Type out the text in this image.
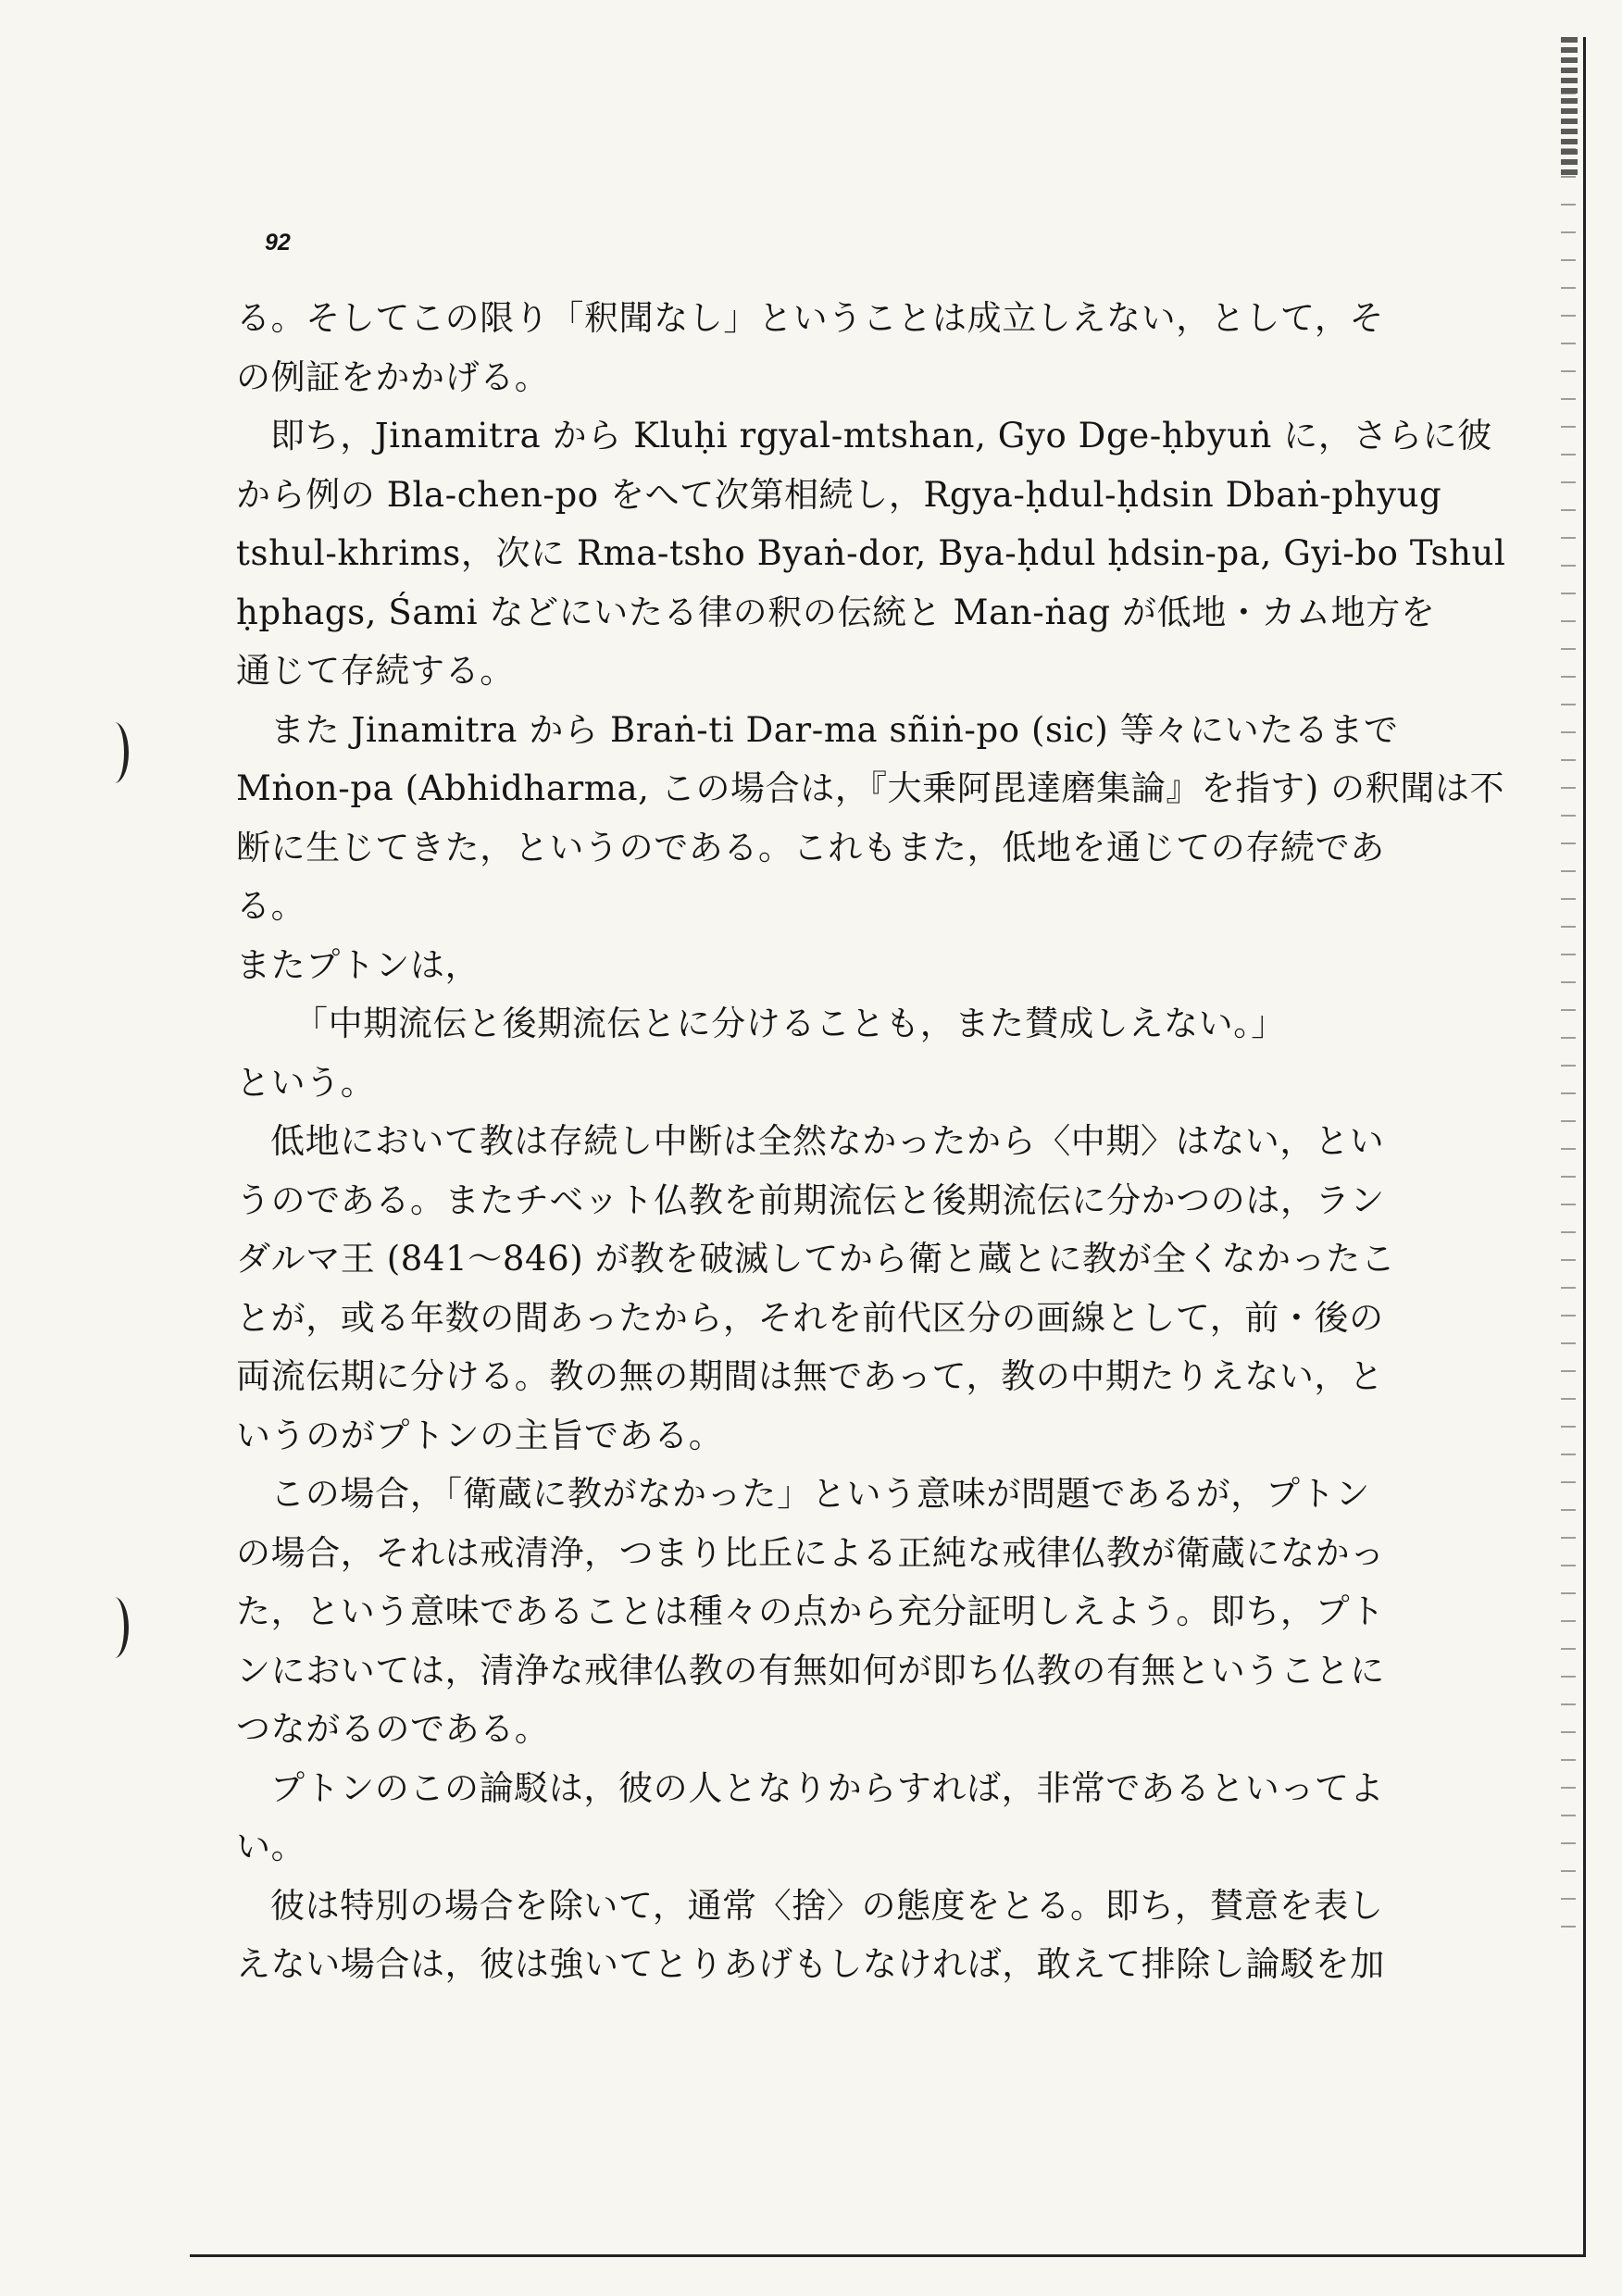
92

る。そしてこの限り「釈聞なし」ということは成立しえない，として，そ

の例証をかかげる。

即ち，Jinamitra から Kluḥi rgyal-mtshan, Gyo Dge-ḥbyuṅ に，さらに彼

から例の Bla-chen-po をへて次第相続し，Rgya-ḥdul-ḥdsin Dbaṅ-phyug

tshul-khrims，次に Rma-tsho Byaṅ-dor, Bya-ḥdul ḥdsin-pa, Gyi-bo Tshul

ḥphags, Śami などにいたる律の釈の伝統と Man-ṅag が低地・カム地方を

通じて存続する。

また Jinamitra から Braṅ-ti Dar-ma sñiṅ-po (sic) 等々にいたるまで

Mṅon-pa (Abhidharma, この場合は，『大乗阿毘達磨集論』を指す) の釈聞は不

断に生じてきた，というのである。これもまた，低地を通じての存続であ

る。

またプトンは，

「中期流伝と後期流伝とに分けることも，また賛成しえない。」

という。

低地において教は存続し中断は全然なかったから〈中期〉はない，とい

うのである。またチベット仏教を前期流伝と後期流伝に分かつのは，ラン

ダルマ王 (841～846) が教を破滅してから衛と蔵とに教が全くなかったこ

とが，或る年数の間あったから，それを前代区分の画線として，前・後の

両流伝期に分ける。教の無の期間は無であって，教の中期たりえない，と

いうのがプトンの主旨である。

この場合，「衛蔵に教がなかった」という意味が問題であるが，プトン

の場合，それは戒清浄，つまり比丘による正純な戒律仏教が衛蔵になかっ

た，という意味であることは種々の点から充分証明しえよう。即ち，プト

ンにおいては，清浄な戒律仏教の有無如何が即ち仏教の有無ということに

つながるのである。

プトンのこの論駁は，彼の人となりからすれば，非常であるといってよ

い。

彼は特別の場合を除いて，通常〈捨〉の態度をとる。即ち，賛意を表し

えない場合は，彼は強いてとりあげもしなければ，敢えて排除し論駁を加
